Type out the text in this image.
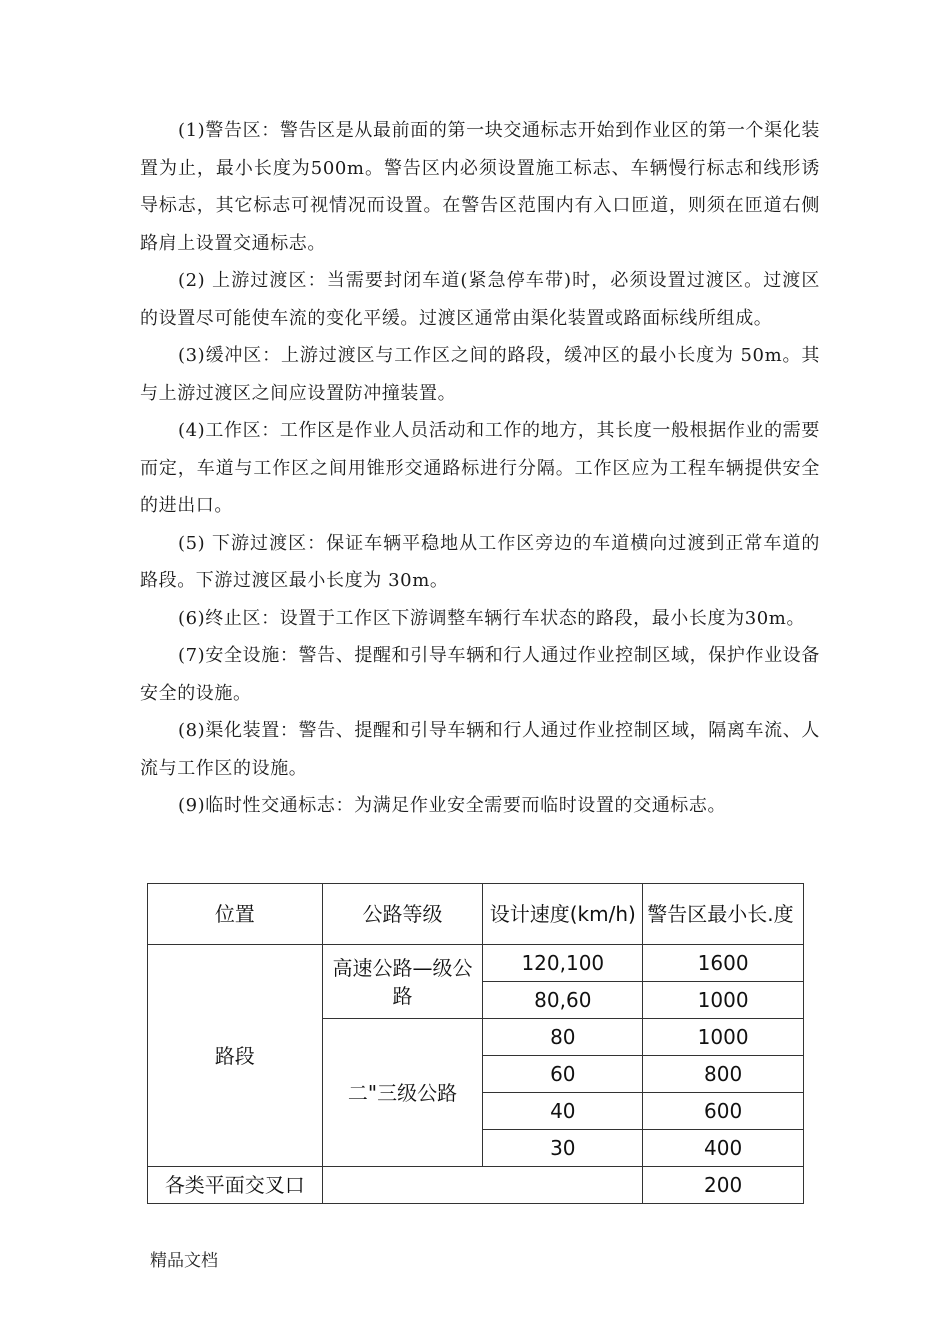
(1)警告区：警告区是从最前面的第一块交通标志开始到作业区的第一个渠化装置为止，最小长度为500m。警告区内必须设置施工标志、车辆慢行标志和线形诱导标志，其它标志可视情况而设置。在警告区范围内有入口匝道，则须在匝道右侧路肩上设置交通标志。

(2) 上游过渡区：当需要封闭车道(紧急停车带)时，必须设置过渡区。过渡区的设置尽可能使车流的变化平缓。过渡区通常由渠化装置或路面标线所组成。

(3)缓冲区：上游过渡区与工作区之间的路段，缓冲区的最小长度为 50m。其与上游过渡区之间应设置防冲撞装置。

(4)工作区：工作区是作业人员活动和工作的地方，其长度一般根据作业的需要而定，车道与工作区之间用锥形交通路标进行分隔。工作区应为工程车辆提供安全的进出口。

(5) 下游过渡区：保证车辆平稳地从工作区旁边的车道横向过渡到正常车道的路段。下游过渡区最小长度为 30m。

(6)终止区：设置于工作区下游调整车辆行车状态的路段，最小长度为30m。

(7)安全设施：警告、提醒和引导车辆和行人通过作业控制区域，保护作业设备安全的设施。

(8)渠化装置：警告、提醒和引导车辆和行人通过作业控制区域，隔离车流、人流与工作区的设施。

(9)临时性交通标志：为满足作业安全需要而临时设置的交通标志。

位置	公路等级	设计速度(km/h)	警告区最小长.度
路段	高速公路—级公路	120,100	1600
		80,60	1000
	二"三级公路	80	1000
		60	800
		40	600
		30	400
各类平面交叉口			200
精品文档
